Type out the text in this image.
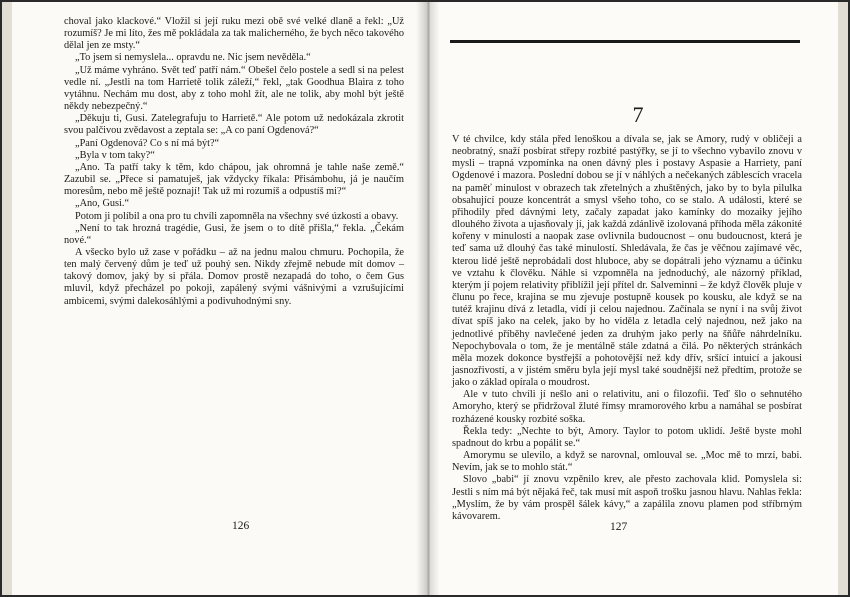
choval jako klackové.“ Vložil si její ruku mezi obě své velké dlaně a řekl: „Už rozumíš? Je mi líto, žes mě pokládala za tak malicherného, že bych něco takového dělal jen ze msty.“

„To jsem si nemyslela... opravdu ne. Nic jsem nevěděla.“

„Už máme vyhráno. Svět teď patří nám.“ Obešel čelo postele a sedl si na pelest vedle ní. „Jestli na tom Harrietě tolik záleží,“ řekl, „tak Goodhua Blaira z toho vytáhnu. Nechám mu dost, aby z toho mohl žít, ale ne tolik, aby mohl být ještě někdy nebezpečný.“

„Děkuju ti, Gusi. Zatelegrafuju to Harrietě.“ Ale potom už nedokázala zkrotit svou palčivou zvědavost a zeptala se: „A co paní Ogdenová?“

„Paní Ogdenová? Co s ní má být?“

„Byla v tom taky?“

„Ano. Ta patří taky k těm, kdo chápou, jak ohromná je tahle naše země.“ Zazubil se. „Přece si pamatuješ, jak vždycky říkala: Přisámbohu, já je naučím moresům, nebo mě ještě poznají! Tak už mi rozumíš a odpustíš mi?“

„Ano, Gusi.“

Potom ji políbil a ona pro tu chvíli zapomněla na všechny své úzkosti a obavy.

„Není to tak hrozná tragédie, Gusi, že jsem o to dítě přišla,“ řekla. „Čekám nové.“

A všecko bylo už zase v pořádku – až na jednu malou chmuru. Pochopila, že ten malý červený dům je teď už pouhý sen. Nikdy zřejmě nebude mít domov – takový domov, jaký by si přála. Domov prostě nezapadá do toho, o čem Gus mluvil, když přecházel po pokoji, zapálený svými vášnivými a vzrušujícími ambicemi, svými dalekosáhlými a podivuhodnými sny.

126
7

V té chvilce, kdy stála před lenoškou a dívala se, jak se Amory, rudý v obličeji a neobratný, snaží posbírat střepy rozbité pastýřky, se jí to všechno vybavilo znovu v mysli – trapná vzpomínka na onen dávný ples i postavy Aspasie a Harriety, paní Ogdenové i mazora. Poslední dobou se jí v náhlých a nečekaných záblescích vracela na paměť minulost v obrazech tak zřetelných a zhuštěných, jako by to byla pilulka obsahující pouze koncentrát a smysl všeho toho, co se stalo. A události, které se přihodily před dávnými lety, začaly zapadat jako kamínky do mozaiky jejího dlouhého života a ujasňovaly jí, jak každá zdánlivě izolovaná příhoda měla zákonité kořeny v minulosti a naopak zase ovlivnila budoucnost – onu budoucnost, která je teď sama už dlouhý čas také minulostí. Shledávala, že čas je věčnou zajímavé věc, kterou lidé ještě neprobádali dost hluboce, aby se dopátrali jeho významu a účinku ve vztahu k člověku. Náhle si vzpomněla na jednoduchý, ale názorný příklad, kterým jí pojem relativity přiblížil její přítel dr. Salveminni – že když člověk pluje v člunu po řece, krajina se mu zjevuje postupně kousek po kousku, ale když se na tutéž krajinu dívá z letadla, vidí ji celou najednou. Začínala se nyní i na svůj život dívat spíš jako na celek, jako by ho viděla z letadla celý najednou, než jako na jednotlivé příběhy navlečené jeden za druhým jako perly na šňůře náhrdelníku. Nepochybovala o tom, že je mentálně stále zdatná a čilá. Po některých stránkách měla mozek dokonce bystřejší a pohotovější než kdy dřív, sršící intuicí a jakousi jasnozřivostí, a v jistém směru byla její mysl také soudnější než předtím, protože se jako o základ opírala o moudrost.

Ale v tuto chvíli jí nešlo ani o relativitu, ani o filozofii. Teď šlo o sehnutého Amoryho, který se přidržoval žluté římsy mramorového krbu a namáhal se posbírat rozházené kousky rozbité soška.

Řekla tedy: „Nechte to být, Amory. Taylor to potom uklidí. Ještě byste mohl spadnout do krbu a popálit se.“

Amorymu se ulevilo, a když se narovnal, omlouval se. „Moc mě to mrzí, babi. Nevím, jak se to mohlo stát.“

Slovo „babi“ jí znovu vzpěnilo krev, ale přesto zachovala klid. Pomyslela si: Jestli s ním má být nějaká řeč, tak musí mít aspoň trošku jasnou hlavu. Nahlas řekla: „Myslím, že by vám prospěl šálek kávy,“ a zapálila znovu plamen pod stříbrným kávovarem.

127
